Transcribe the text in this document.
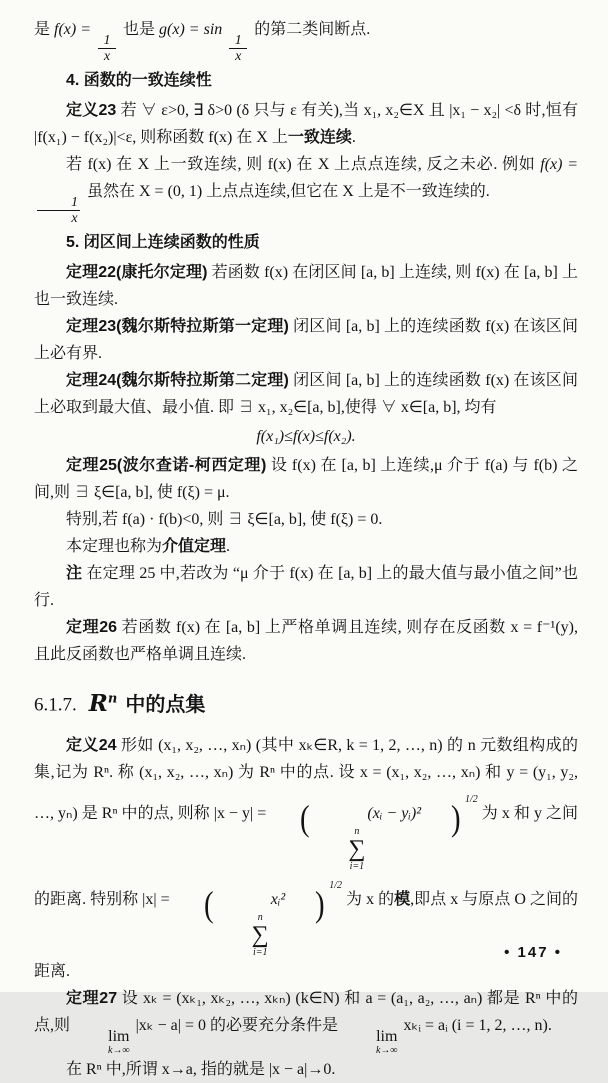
是 f(x) =
$\frac{1}{x}$
也是 g(x) = sin
$\frac{1}{x}$
的第二类间断点.

4. 函数的一致连续性

定义23 若 ∀ ε>0, ∃ δ>0 (δ 只与 ε 有关),当 x₁, x₂∈X 且 |x₁ − x₂| <δ 时,恒有 |f(x₁) − f(x₂)|<ε, 则称函数 f(x) 在 X 上一致连续.

若 f(x) 在 X 上一致连续, 则 f(x) 在 X 上点点连续, 反之未必. 例如 f(x) =
$\frac{1}{x}$
虽然在 X = (0, 1) 上点点连续,但它在 X 上是不一致连续的.

5. 闭区间上连续函数的性质

定理22(康托尔定理) 若函数 f(x) 在闭区间 [a, b] 上连续, 则 f(x) 在 [a, b] 上也一致连续.

定理23(魏尔斯特拉斯第一定理) 闭区间 [a, b] 上的连续函数 f(x) 在该区间上必有界.

定理24(魏尔斯特拉斯第二定理) 闭区间 [a, b] 上的连续函数 f(x) 在该区间上必取到最大值、最小值. 即 ∃ x₁, x₂∈[a, b],使得 ∀ x∈[a, b], 均有

f(x₁)≤f(x)≤f(x₂).

定理25(波尔查诺-柯西定理) 设 f(x) 在 [a, b] 上连续,μ 介于 f(a) 与 f(b) 之间,则 ∃ ξ∈[a, b], 使 f(ξ) = μ.

特别,若 f(a) · f(b)<0, 则 ∃ ξ∈[a, b], 使 f(ξ) = 0.

本定理也称为介值定理.

注 在定理 25 中,若改为 “μ 介于 f(x) 在 [a, b] 上的最大值与最小值之间”也行.

定理26 若函数 f(x) 在 [a, b] 上严格单调且连续, 则存在反函数 x = f⁻¹(y), 且此反函数也严格单调且连续.

6.1.7. $R^n$ 中的点集

定义24 形如 (x₁, x₂, …, xₙ) (其中 xₖ∈R, k = 1, 2, …, n) 的 n 元数组构成的集,记为 Rⁿ. 称 (x₁, x₂, …, xₙ) 为 Rⁿ 中的点. 设 x = (x₁, x₂, …, xₙ) 和 y = (y₁, y₂, …, yₙ) 是 Rⁿ 中的点, 则称 |x − y| = (	n
∑
i=1
(xᵢ − yᵢ)² ) $^{1/2}$ 为 x 和 y 之间的距离. 特别称 |x| = (	n
∑
i=1
xᵢ² ) $^{1/2}$ 为 x 的模,即点 x 与原点 O 之间的距离.

定理27 设 xₖ = (xₖ₁, xₖ₂, …, xₖₙ) (k∈N) 和 a = (a₁, a₂, …, aₙ) 都是 Rⁿ 中的点,则
lim
k→∞
|xₖ − a| = 0 的必要充分条件是
lim
k→∞
xₖᵢ = aᵢ (i = 1, 2, …, n).

在 Rⁿ 中,所谓 x→a, 指的就是 |x − a|→0.

• 147 •
